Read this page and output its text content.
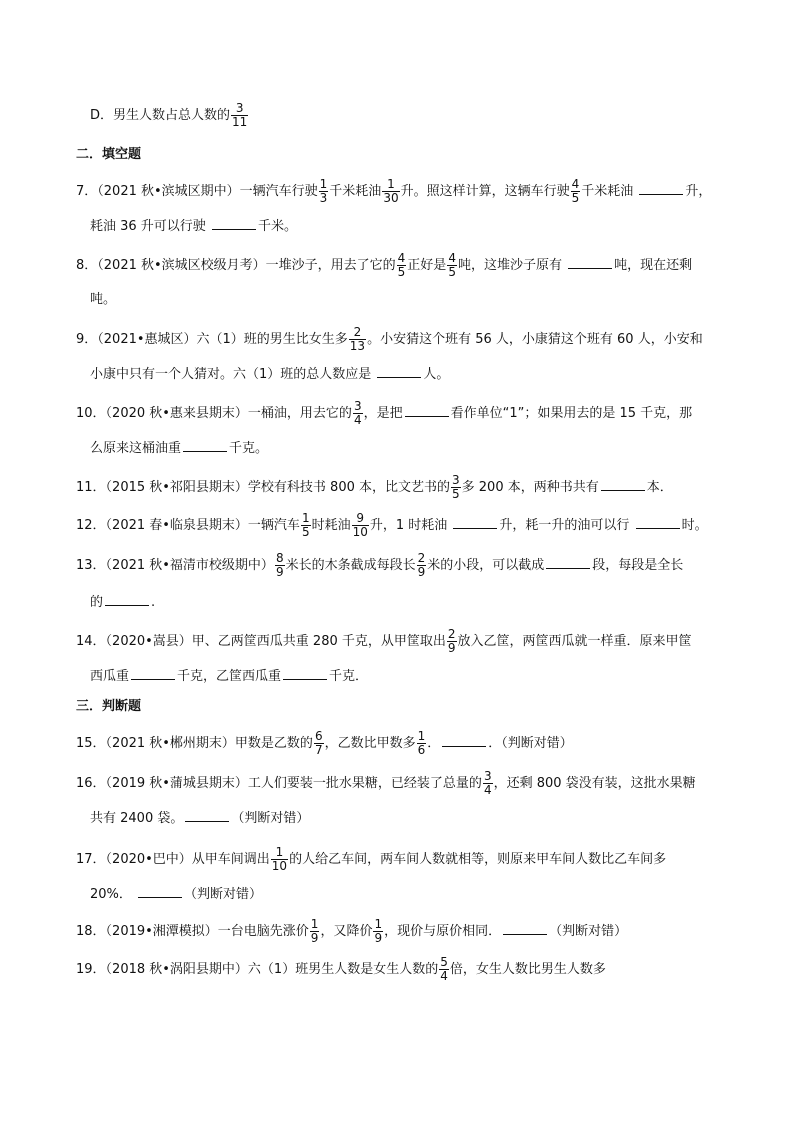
D．男生人数占总人数的 $\frac{3}{11}$
二．填空题
7．（2021 秋•滨城区期中）一辆汽车行驶 $\frac{1}{3}$ 千米耗油 $\frac{1}{30}$ 升。照这样计算，这辆车行驶 $\frac{4}{5}$ 千米耗油	升，
耗油 36 升可以行驶	千米。
8．（2021 秋•滨城区校级月考）一堆沙子，用去了它的 $\frac{4}{5}$ 正好是 $\frac{4}{5}$ 吨，这堆沙子原有	吨，现在还剩
吨。
9．（2021•惠城区）六（1）班的男生比女生多 $\frac{2}{13}$ 。小安猜这个班有 56 人，小康猜这个班有 60 人，小安和
小康中只有一个人猜对。六（1）班的总人数应是	人。
10．（2020 秋•惠来县期末）一桶油，用去它的 $\frac{3}{4}$ ，是把	看作单位“1”；如果用去的是 15 千克，那
么原来这桶油重	千克。
11．（2015 秋•祁阳县期末）学校有科技书 800 本，比文艺书的 $\frac{3}{5}$ 多 200 本，两种书共有	本．
12．（2021 春•临泉县期末）一辆汽车 $\frac{1}{5}$ 时耗油 $\frac{9}{10}$ 升，1 时耗油	升，耗一升的油可以行	时。
13．（2021 秋•福清市校级期中） $\frac{8}{9}$ 米长的木条截成每段长 $\frac{2}{9}$ 米的小段，可以截成	段，每段是全长
的	.
14．（2020•嵩县）甲、乙两筐西瓜共重 280 千克，从甲筐取出 $\frac{2}{9}$ 放入乙筐，两筐西瓜就一样重．原来甲筐
西瓜重	千克，乙筐西瓜重	千克．
三．判断题
15．（2021 秋•郴州期末）甲数是乙数的 $\frac{6}{7}$ ，乙数比甲数多 $\frac{1}{6}$ ．	．（判断对错）
16．（2019 秋•蒲城县期末）工人们要装一批水果糖，已经装了总量的 $\frac{3}{4}$ ，还剩 800 袋没有装，这批水果糖
共有 2400 袋。	（判断对错）
17．（2020•巴中）从甲车间调出 $\frac{1}{10}$ 的人给乙车间，两车间人数就相等，则原来甲车间人数比乙车间多
20%．	（判断对错）
18．（2019•湘潭模拟）一台电脑先涨价 $\frac{1}{9}$ ，又降价 $\frac{1}{9}$ ，现价与原价相同．	（判断对错）
19．（2018 秋•涡阳县期中）六（1）班男生人数是女生人数的 $\frac{5}{4}$ 倍，女生人数比男生人数多
